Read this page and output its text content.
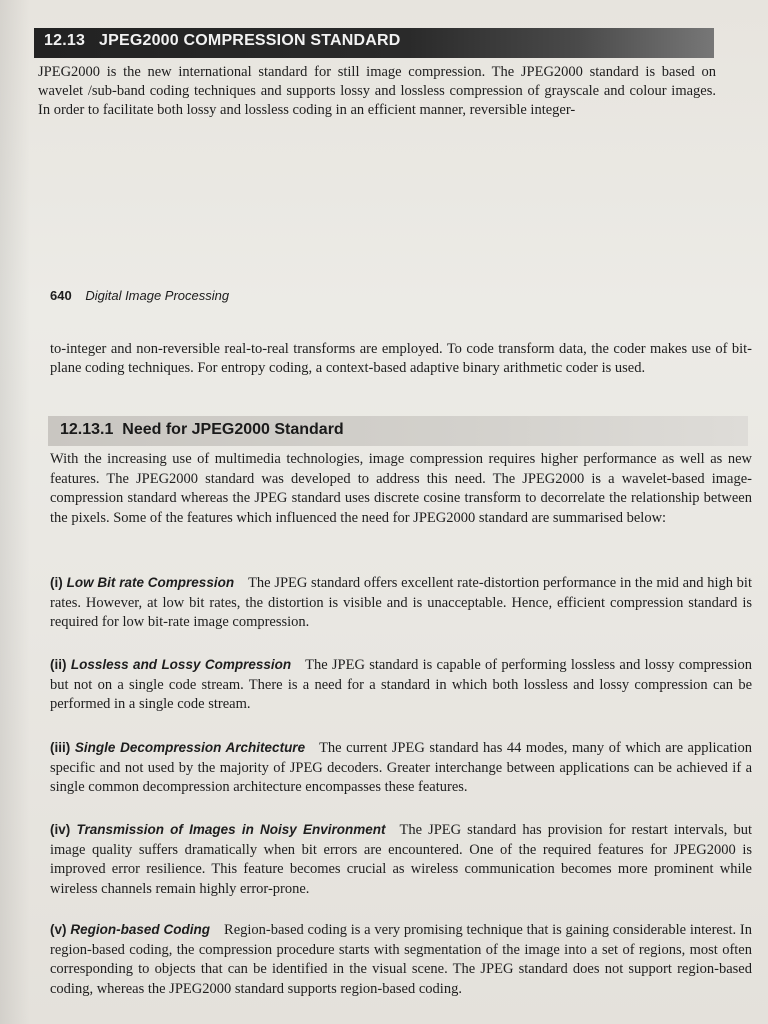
12.13 JPEG2000 COMPRESSION STANDARD

JPEG2000 is the new international standard for still image compression. The JPEG2000 standard is based on wavelet /sub-band coding techniques and supports lossy and lossless compression of grayscale and colour images. In order to facilitate both lossy and lossless coding in an efficient manner, reversible integer-

640 Digital Image Processing

to-integer and non-reversible real-to-real transforms are employed. To code transform data, the coder makes use of bit-plane coding techniques. For entropy coding, a context-based adaptive binary arithmetic coder is used.

12.13.1 Need for JPEG2000 Standard

With the increasing use of multimedia technologies, image compression requires higher performance as well as new features. The JPEG2000 standard was developed to address this need. The JPEG2000 is a wavelet-based image-compression standard whereas the JPEG standard uses discrete cosine transform to decorrelate the relationship between the pixels. Some of the features which influenced the need for JPEG2000 standard are summarised below:

(i) Low Bit rate Compression The JPEG standard offers excellent rate-distortion performance in the mid and high bit rates. However, at low bit rates, the distortion is visible and is unacceptable. Hence, efficient compression standard is required for low bit-rate image compression.

(ii) Lossless and Lossy Compression The JPEG standard is capable of performing lossless and lossy compression but not on a single code stream. There is a need for a standard in which both lossless and lossy compression can be performed in a single code stream.

(iii) Single Decompression Architecture The current JPEG standard has 44 modes, many of which are application specific and not used by the majority of JPEG decoders. Greater interchange between applications can be achieved if a single common decompression architecture encompasses these features.

(iv) Transmission of Images in Noisy Environment The JPEG standard has provision for restart intervals, but image quality suffers dramatically when bit errors are encountered. One of the required features for JPEG2000 is improved error resilience. This feature becomes crucial as wireless communication becomes more prominent while wireless channels remain highly error-prone.

(v) Region-based Coding Region-based coding is a very promising technique that is gaining considerable interest. In region-based coding, the compression procedure starts with segmentation of the image into a set of regions, most often corresponding to objects that can be identified in the visual scene. The JPEG standard does not support region-based coding, whereas the JPEG2000 standard supports region-based coding.
